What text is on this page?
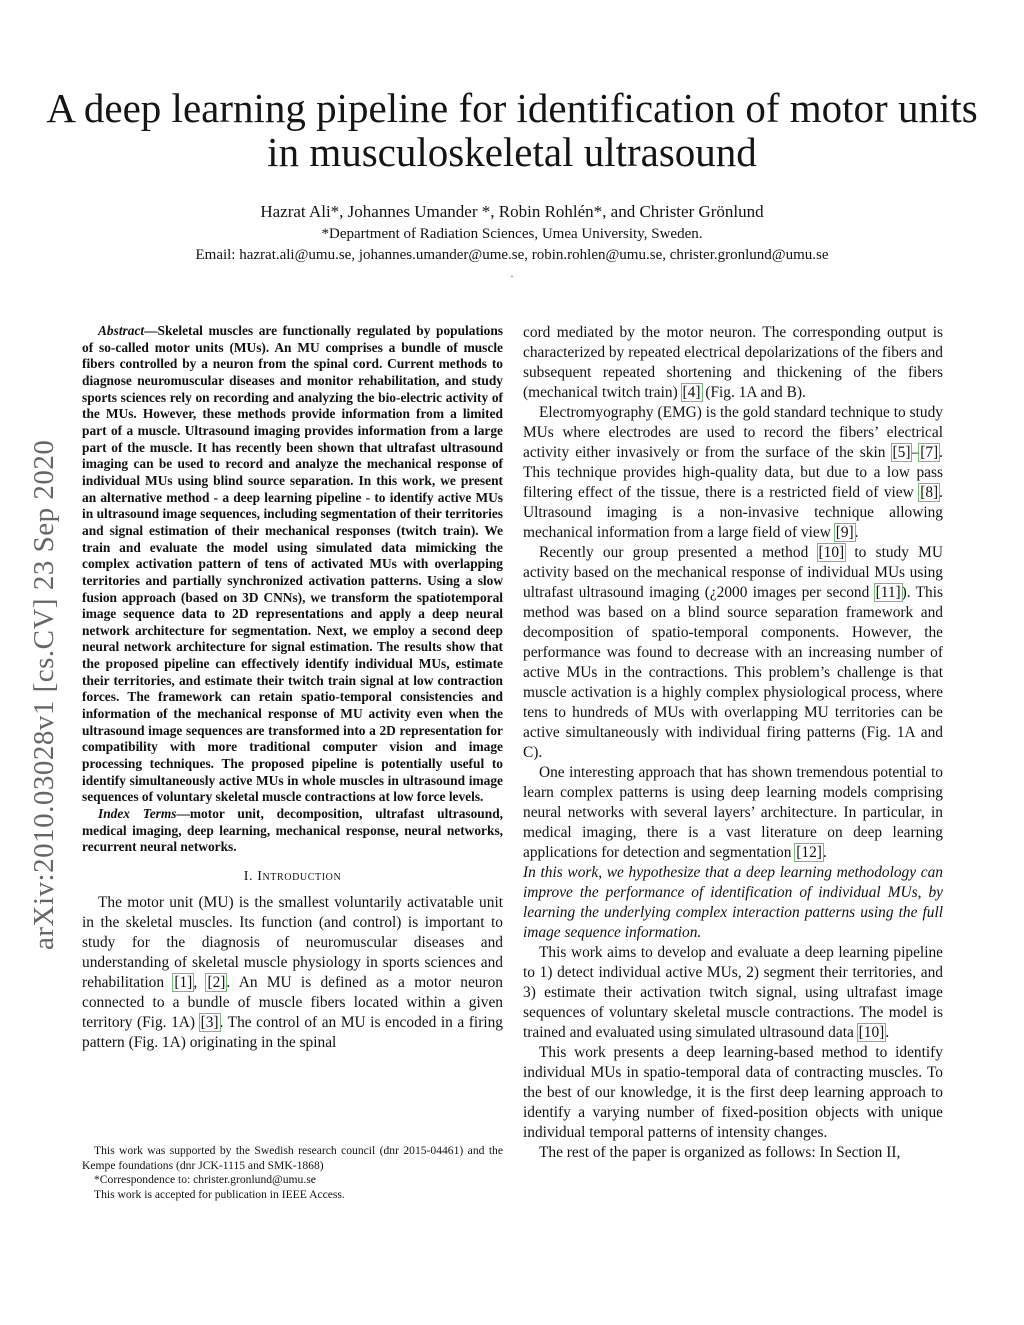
arXiv:2010.03028v1 [cs.CV] 23 Sep 2020
A deep learning pipeline for identification of motor units in musculoskeletal ultrasound
Hazrat Ali*, Johannes Umander *, Robin Rohlén*, and Christer Grönlund
*Department of Radiation Sciences, Umea University, Sweden.
Email: hazrat.ali@umu.se, johannes.umander@ume.se, robin.rohlen@umu.se, christer.gronlund@umu.se
.

Abstract—Skeletal muscles are functionally regulated by populations of so-called motor units (MUs). An MU comprises a bundle of muscle fibers controlled by a neuron from the spinal cord. Current methods to diagnose neuromuscular diseases and monitor rehabilitation, and study sports sciences rely on recording and analyzing the bio-electric activity of the MUs. However, these methods provide information from a limited part of a muscle. Ultrasound imaging provides information from a large part of the muscle. It has recently been shown that ultrafast ultrasound imaging can be used to record and analyze the mechanical response of individual MUs using blind source separation. In this work, we present an alternative method - a deep learning pipeline - to identify active MUs in ultrasound image sequences, including segmentation of their territories and signal estimation of their mechanical responses (twitch train). We train and evaluate the model using simulated data mimicking the complex activation pattern of tens of activated MUs with overlapping territories and partially synchronized activation patterns. Using a slow fusion approach (based on 3D CNNs), we transform the spatiotemporal image sequence data to 2D representations and apply a deep neural network architecture for segmentation. Next, we employ a second deep neural network architecture for signal estimation. The results show that the proposed pipeline can effectively identify individual MUs, estimate their territories, and estimate their twitch train signal at low contraction forces. The framework can retain spatio-temporal consistencies and information of the mechanical response of MU activity even when the ultrasound image sequences are transformed into a 2D representation for compatibility with more traditional computer vision and image processing techniques. The proposed pipeline is potentially useful to identify simultaneously active MUs in whole muscles in ultrasound image sequences of voluntary skeletal muscle contractions at low force levels.

Index Terms—motor unit, decomposition, ultrafast ultrasound, medical imaging, deep learning, mechanical response, neural networks, recurrent neural networks.

I. Introduction

The motor unit (MU) is the smallest voluntarily activatable unit in the skeletal muscles. Its function (and control) is important to study for the diagnosis of neuromuscular diseases and understanding of skeletal muscle physiology in sports sciences and rehabilitation [1], [2]. An MU is defined as a motor neuron connected to a bundle of muscle fibers located within a given territory (Fig. 1A) [3]. The control of an MU is encoded in a firing pattern (Fig. 1A) originating in the spinal

This work was supported by the Swedish research council (dnr 2015-04461) and the Kempe foundations (dnr JCK-1115 and SMK-1868)

*Correspondence to: christer.gronlund@umu.se

This work is accepted for publication in IEEE Access.

cord mediated by the motor neuron. The corresponding output is characterized by repeated electrical depolarizations of the fibers and subsequent repeated shortening and thickening of the fibers (mechanical twitch train) [4] (Fig. 1A and B).

Electromyography (EMG) is the gold standard technique to study MUs where electrodes are used to record the fibers’ electrical activity either invasively or from the surface of the skin [5]–[7]. This technique provides high-quality data, but due to a low pass filtering effect of the tissue, there is a restricted field of view [8]. Ultrasound imaging is a non-invasive technique allowing mechanical information from a large field of view [9].

Recently our group presented a method [10] to study MU activity based on the mechanical response of individual MUs using ultrafast ultrasound imaging (¿2000 images per second [11]). This method was based on a blind source separation framework and decomposition of spatio-temporal components. However, the performance was found to decrease with an increasing number of active MUs in the contractions. This problem’s challenge is that muscle activation is a highly complex physiological process, where tens to hundreds of MUs with overlapping MU territories can be active simultaneously with individual firing patterns (Fig. 1A and C).

One interesting approach that has shown tremendous potential to learn complex patterns is using deep learning models comprising neural networks with several layers’ architecture. In particular, in medical imaging, there is a vast literature on deep learning applications for detection and segmentation [12].

In this work, we hypothesize that a deep learning methodology can improve the performance of identification of individual MUs, by learning the underlying complex interaction patterns using the full image sequence information.

This work aims to develop and evaluate a deep learning pipeline to 1) detect individual active MUs, 2) segment their territories, and 3) estimate their activation twitch signal, using ultrafast image sequences of voluntary skeletal muscle contractions. The model is trained and evaluated using simulated ultrasound data [10].

This work presents a deep learning-based method to identify individual MUs in spatio-temporal data of contracting muscles. To the best of our knowledge, it is the first deep learning approach to identify a varying number of fixed-position objects with unique individual temporal patterns of intensity changes.

The rest of the paper is organized as follows: In Section II,
